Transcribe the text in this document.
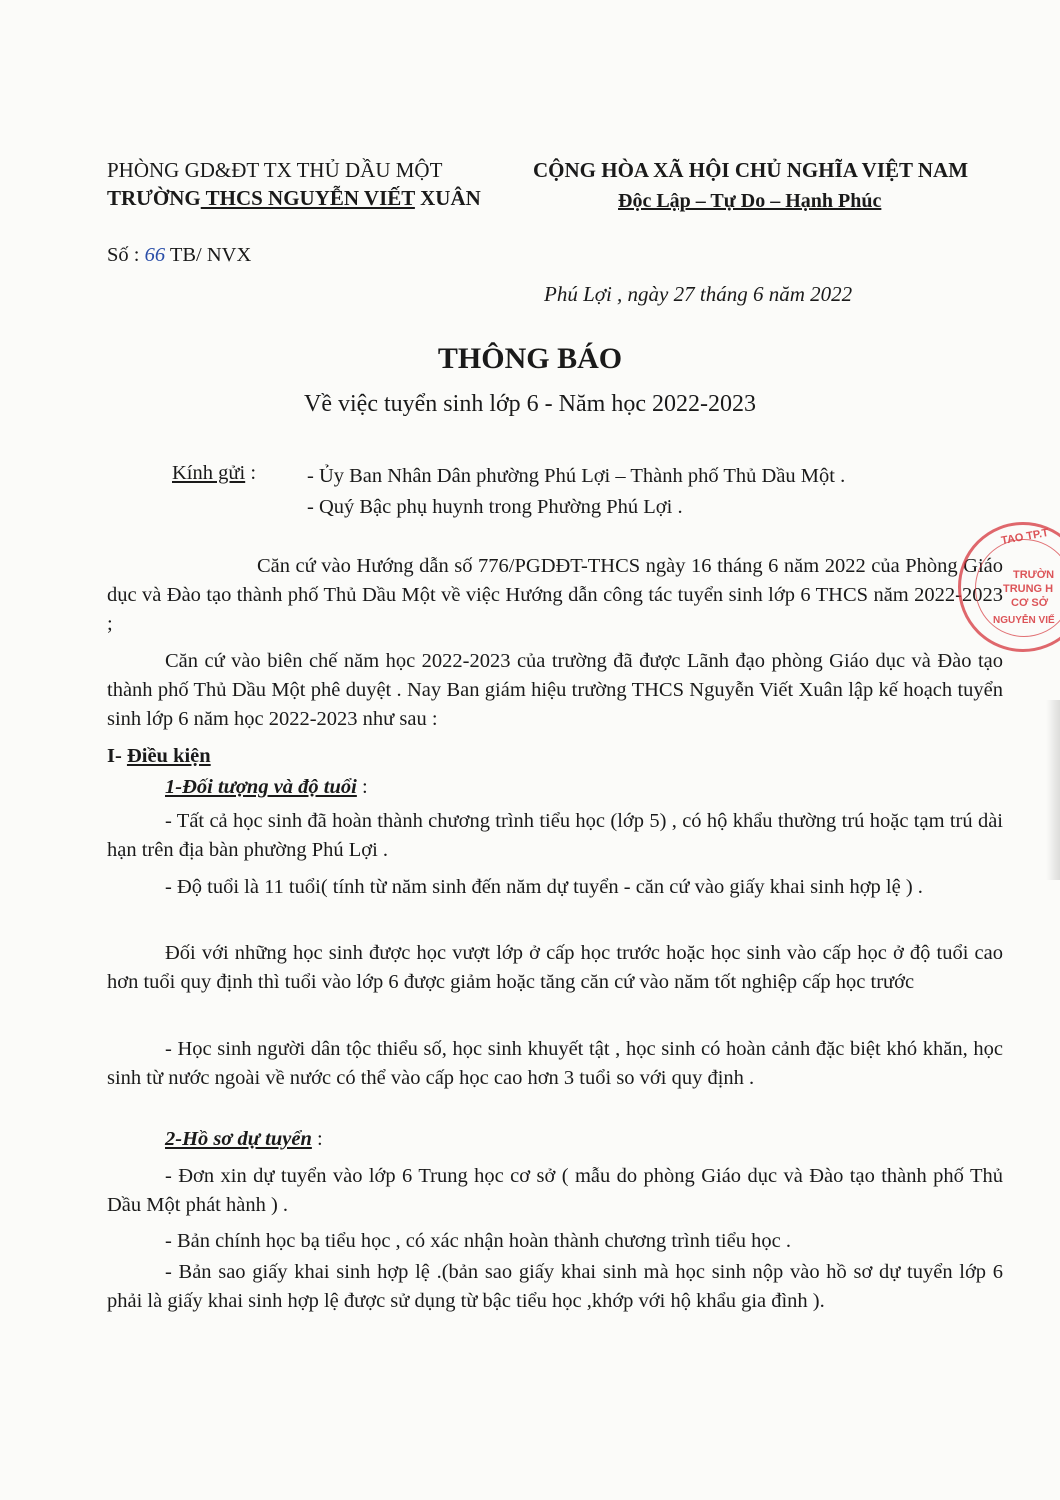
PHÒNG GD&ĐT TX THỦ DẦU MỘT
TRƯỜNG THCS NGUYỄN VIẾT XUÂN
CỘNG HÒA XÃ HỘI CHỦ NGHĨA VIỆT NAM
Độc Lập – Tự Do – Hạnh Phúc
Số : 66 TB/ NVX
Phú Lợi , ngày 27 tháng 6 năm 2022
THÔNG BÁO
Về việc tuyển sinh lớp 6 - Năm học 2022-2023
Kính gửi : - Ủy Ban Nhân Dân phường Phú Lợi – Thành phố Thủ Dầu Một .
- Quý Bậc phụ huynh trong Phường Phú Lợi .
Căn cứ vào Hướng dẫn số 776/PGDĐT-THCS ngày 16 tháng 6 năm 2022 của Phòng Giáo dục và Đào tạo thành phố Thủ Dầu Một về việc Hướng dẫn công tác tuyển sinh lớp 6 THCS năm 2022-2023 ;
Căn cứ vào biên chế năm học 2022-2023 của trường đã được Lãnh đạo phòng Giáo dục và Đào tạo thành phố Thủ Dầu Một phê duyệt . Nay Ban giám hiệu trường THCS Nguyễn Viết Xuân lập kế hoạch tuyển sinh lớp 6 năm học 2022-2023 như sau :
I- Điều kiện
1-Đối tượng và độ tuổi :
- Tất cả học sinh đã hoàn thành chương trình tiểu học (lớp 5) , có hộ khẩu thường trú hoặc tạm trú dài hạn trên địa bàn phường Phú Lợi .
- Độ tuổi là 11 tuổi( tính từ năm sinh đến năm dự tuyển - căn cứ vào giấy khai sinh hợp lệ ) .
Đối với những học sinh được học vượt lớp ở cấp học trước hoặc học sinh vào cấp học ở độ tuổi cao hơn tuổi quy định thì tuổi vào lớp 6 được giảm hoặc tăng căn cứ vào năm tốt nghiệp cấp học trước
- Học sinh người dân tộc thiểu số, học sinh khuyết tật , học sinh có hoàn cảnh đặc biệt khó khăn, học sinh từ nước ngoài về nước có thể vào cấp học cao hơn 3 tuổi so với quy định .
2-Hồ sơ dự tuyển :
- Đơn xin dự tuyển vào lớp 6 Trung học cơ sở ( mẫu do phòng Giáo dục và Đào tạo thành phố Thủ Dầu Một phát hành ) .
- Bản chính học bạ tiểu học , có xác nhận hoàn thành chương trình tiểu học .
- Bản sao giấy khai sinh hợp lệ .(bản sao giấy khai sinh mà học sinh nộp vào hồ sơ dự tuyển lớp 6 phải là giấy khai sinh hợp lệ được sử dụng từ bậc tiểu học ,khớp với hộ khẩu gia đình ).
TAO TP.T
TRƯỜN
TRUNG H
CƠ SỞ
NGUYỄN VIẾ
